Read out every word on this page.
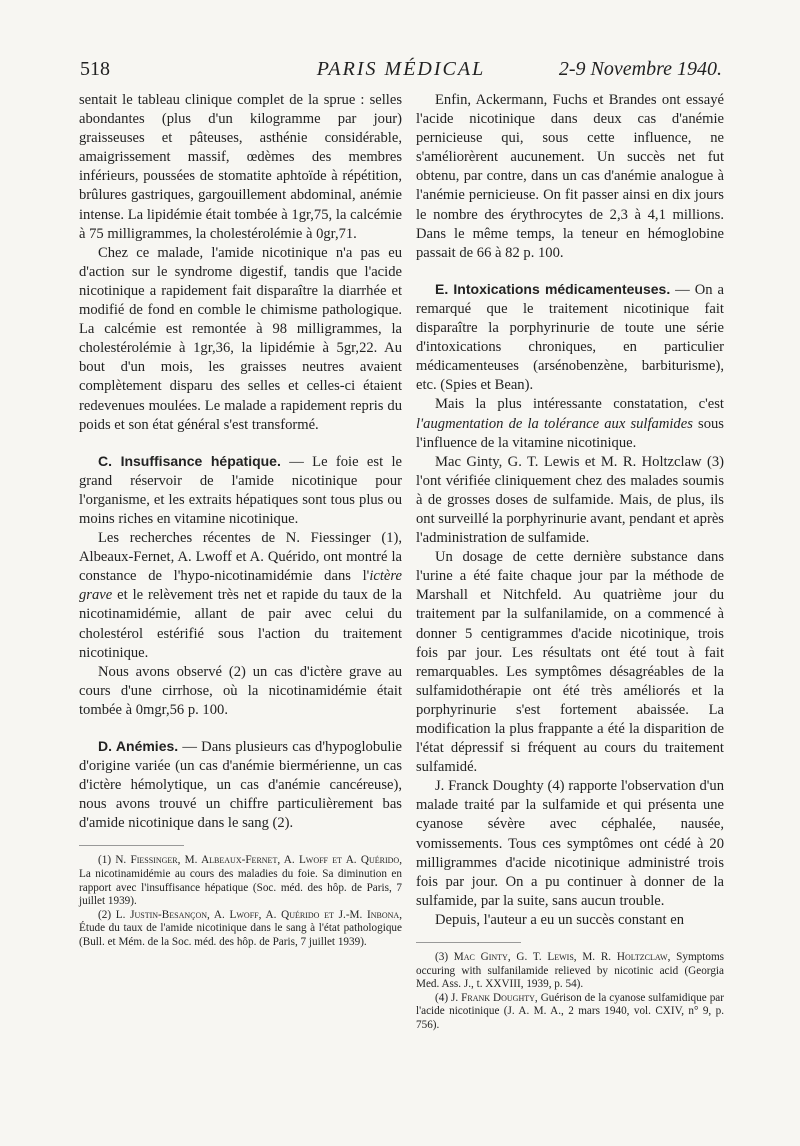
518	PARIS MÉDICAL	2-9 Novembre 1940.

sentait le tableau clinique complet de la sprue : selles abondantes (plus d'un kilogramme par jour) graisseuses et pâteuses, asthénie considérable, amaigrissement massif, œdèmes des membres inférieurs, poussées de stomatite aphtoïde à répétition, brûlures gastriques, gargouillement abdominal, anémie intense. La lipidémie était tombée à 1gr,75, la calcémie à 75 milligrammes, la cholestérolémie à 0gr,71.

Chez ce malade, l'amide nicotinique n'a pas eu d'action sur le syndrome digestif, tandis que l'acide nicotinique a rapidement fait disparaître la diarrhée et modifié de fond en comble le chimisme pathologique. La calcémie est remontée à 98 milligrammes, la cholestérolémie à 1gr,36, la lipidémie à 5gr,22. Au bout d'un mois, les graisses neutres avaient complètement disparu des selles et celles-ci étaient redevenues moulées. Le malade a rapidement repris du poids et son état général s'est transformé.

C. Insuffisance hépatique. — Le foie est le grand réservoir de l'amide nicotinique pour l'organisme, et les extraits hépatiques sont tous plus ou moins riches en vitamine nicotinique.

Les recherches récentes de N. Fiessinger (1), Albeaux-Fernet, A. Lwoff et A. Quérido, ont montré la constance de l'hypo-nicotinamidémie dans l'ictère grave et le relèvement très net et rapide du taux de la nicotinamidémie, allant de pair avec celui du cholestérol estérifié sous l'action du traitement nicotinique.

Nous avons observé (2) un cas d'ictère grave au cours d'une cirrhose, où la nicotinamidémie était tombée à 0mgr,56 p. 100.

D. Anémies. — Dans plusieurs cas d'hypoglobulie d'origine variée (un cas d'anémie biermérienne, un cas d'ictère hémolytique, un cas d'anémie cancéreuse), nous avons trouvé un chiffre particulièrement bas d'amide nicotinique dans le sang (2).

(1) N. Fiessinger, M. Albeaux-Fernet, A. Lwoff et A. Quérido, La nicotinamidémie au cours des maladies du foie. Sa diminution en rapport avec l'insuffisance hépatique (Soc. méd. des hôp. de Paris, 7 juillet 1939).

(2) L. Justin-Besançon, A. Lwoff, A. Quérido et J.-M. Inbona, Étude du taux de l'amide nicotinique dans le sang à l'état pathologique (Bull. et Mém. de la Soc. méd. des hôp. de Paris, 7 juillet 1939).

Enfin, Ackermann, Fuchs et Brandes ont essayé l'acide nicotinique dans deux cas d'anémie pernicieuse qui, sous cette influence, ne s'améliorèrent aucunement. Un succès net fut obtenu, par contre, dans un cas d'anémie analogue à l'anémie pernicieuse. On fit passer ainsi en dix jours le nombre des érythrocytes de 2,3 à 4,1 millions. Dans le même temps, la teneur en hémoglobine passait de 66 à 82 p. 100.

E. Intoxications médicamenteuses. — On a remarqué que le traitement nicotinique fait disparaître la porphyrinurie de toute une série d'intoxications chroniques, en particulier médicamenteuses (arsénobenzène, barbiturisme), etc. (Spies et Bean).

Mais la plus intéressante constatation, c'est l'augmentation de la tolérance aux sulfamides sous l'influence de la vitamine nicotinique.

Mac Ginty, G. T. Lewis et M. R. Holtzclaw (3) l'ont vérifiée cliniquement chez des malades soumis à de grosses doses de sulfamide. Mais, de plus, ils ont surveillé la porphyrinurie avant, pendant et après l'administration de sulfamide.

Un dosage de cette dernière substance dans l'urine a été faite chaque jour par la méthode de Marshall et Nitchfeld. Au quatrième jour du traitement par la sulfanilamide, on a commencé à donner 5 centigrammes d'acide nicotinique, trois fois par jour. Les résultats ont été tout à fait remarquables. Les symptômes désagréables de la sulfamidothérapie ont été très améliorés et la porphyrinurie s'est fortement abaissée. La modification la plus frappante a été la disparition de l'état dépressif si fréquent au cours du traitement sulfamidé.

J. Franck Doughty (4) rapporte l'observation d'un malade traité par la sulfamide et qui présenta une cyanose sévère avec céphalée, nausée, vomissements. Tous ces symptômes ont cédé à 20 milligrammes d'acide nicotinique administré trois fois par jour. On a pu continuer à donner de la sulfamide, par la suite, sans aucun trouble.

Depuis, l'auteur a eu un succès constant en

(3) Mac Ginty, G. T. Lewis, M. R. Holtzclaw, Symptoms occuring with sulfanilamide relieved by nicotinic acid (Georgia Med. Ass. J., t. XXVIII, 1939, p. 54).

(4) J. Frank Doughty, Guérison de la cyanose sulfamidique par l'acide nicotinique (J. A. M. A., 2 mars 1940, vol. CXIV, n° 9, p. 756).
